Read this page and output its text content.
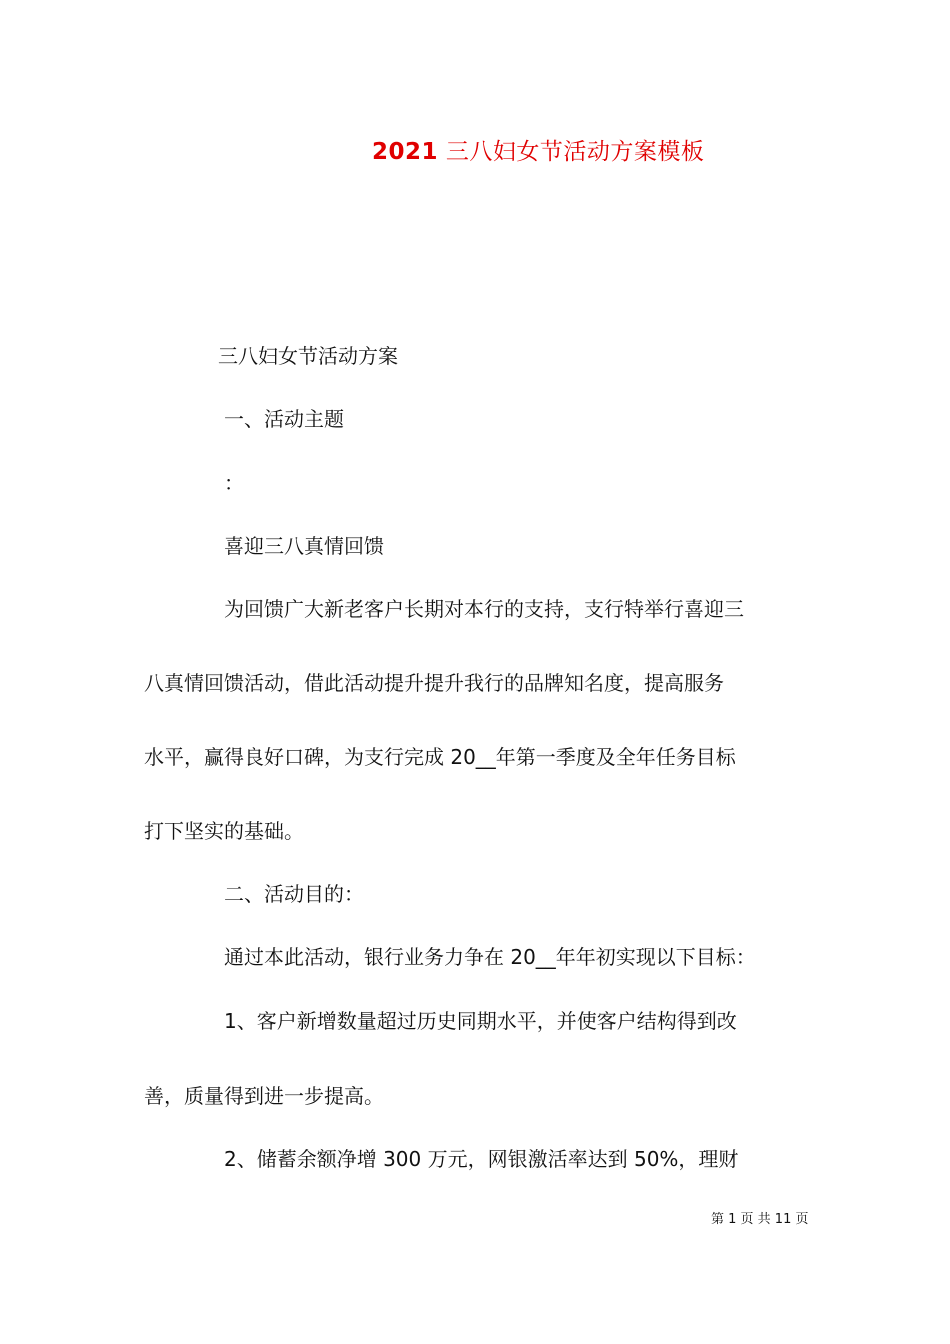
2021 三八妇女节活动方案模板
三八妇女节活动方案
一、活动主题
：
喜迎三八真情回馈
为回馈广大新老客户长期对本行的支持，支行特举行喜迎三
八真情回馈活动，借此活动提升提升我行的品牌知名度，提高服务
水平，赢得良好口碑，为支行完成 20__年第一季度及全年任务目标
打下坚实的基础。
二、活动目的：
通过本此活动，银行业务力争在 20__年年初实现以下目标：
1、客户新增数量超过历史同期水平，并使客户结构得到改
善，质量得到进一步提高。
2、储蓄余额净增 300 万元，网银激活率达到 50%，理财
第 1 页 共 11 页
